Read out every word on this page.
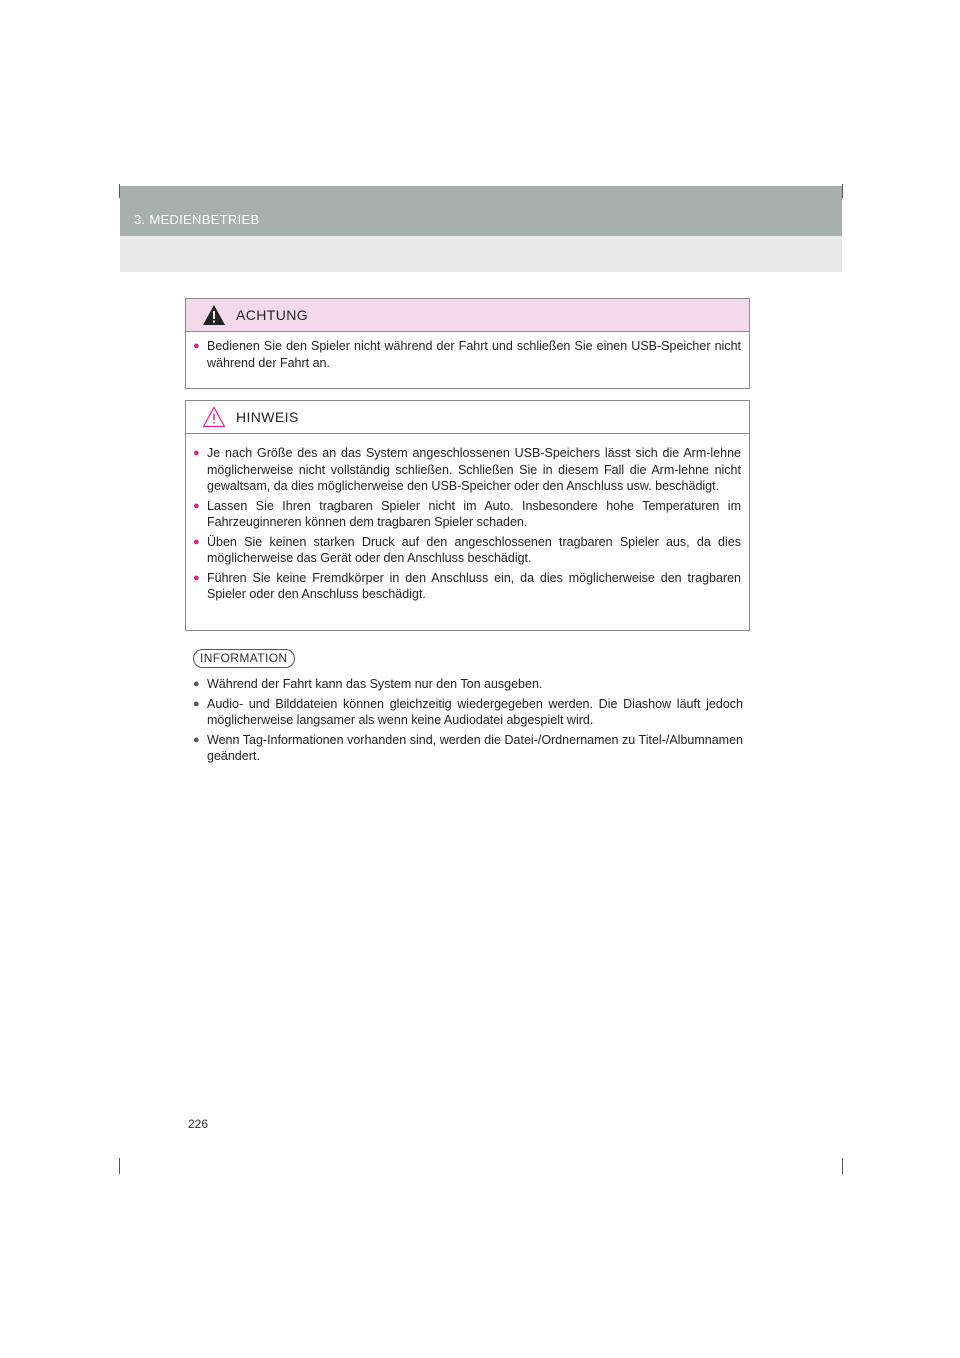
3. MEDIENBETRIEB
ACHTUNG
● Bedienen Sie den Spieler nicht während der Fahrt und schließen Sie einen USB-Speicher nicht während der Fahrt an.
HINWEIS
● Je nach Größe des an das System angeschlossenen USB-Speichers lässt sich die Arm-lehne möglicherweise nicht vollständig schließen. Schließen Sie in diesem Fall die Arm-lehne nicht gewaltsam, da dies möglicherweise den USB-Speicher oder den Anschluss usw. beschädigt.
● Lassen Sie Ihren tragbaren Spieler nicht im Auto. Insbesondere hohe Temperaturen im Fahrzeuginneren können dem tragbaren Spieler schaden.
● Üben Sie keinen starken Druck auf den angeschlossenen tragbaren Spieler aus, da dies möglicherweise das Gerät oder den Anschluss beschädigt.
● Führen Sie keine Fremdkörper in den Anschluss ein, da dies möglicherweise den tragbaren Spieler oder den Anschluss beschädigt.
INFORMATION
● Während der Fahrt kann das System nur den Ton ausgeben.
● Audio- und Bilddateien können gleichzeitig wiedergegeben werden. Die Diashow läuft jedoch möglicherweise langsamer als wenn keine Audiodatei abgespielt wird.
● Wenn Tag-Informationen vorhanden sind, werden die Datei-/Ordnernamen zu Titel-/Albumnamen geändert.
226
